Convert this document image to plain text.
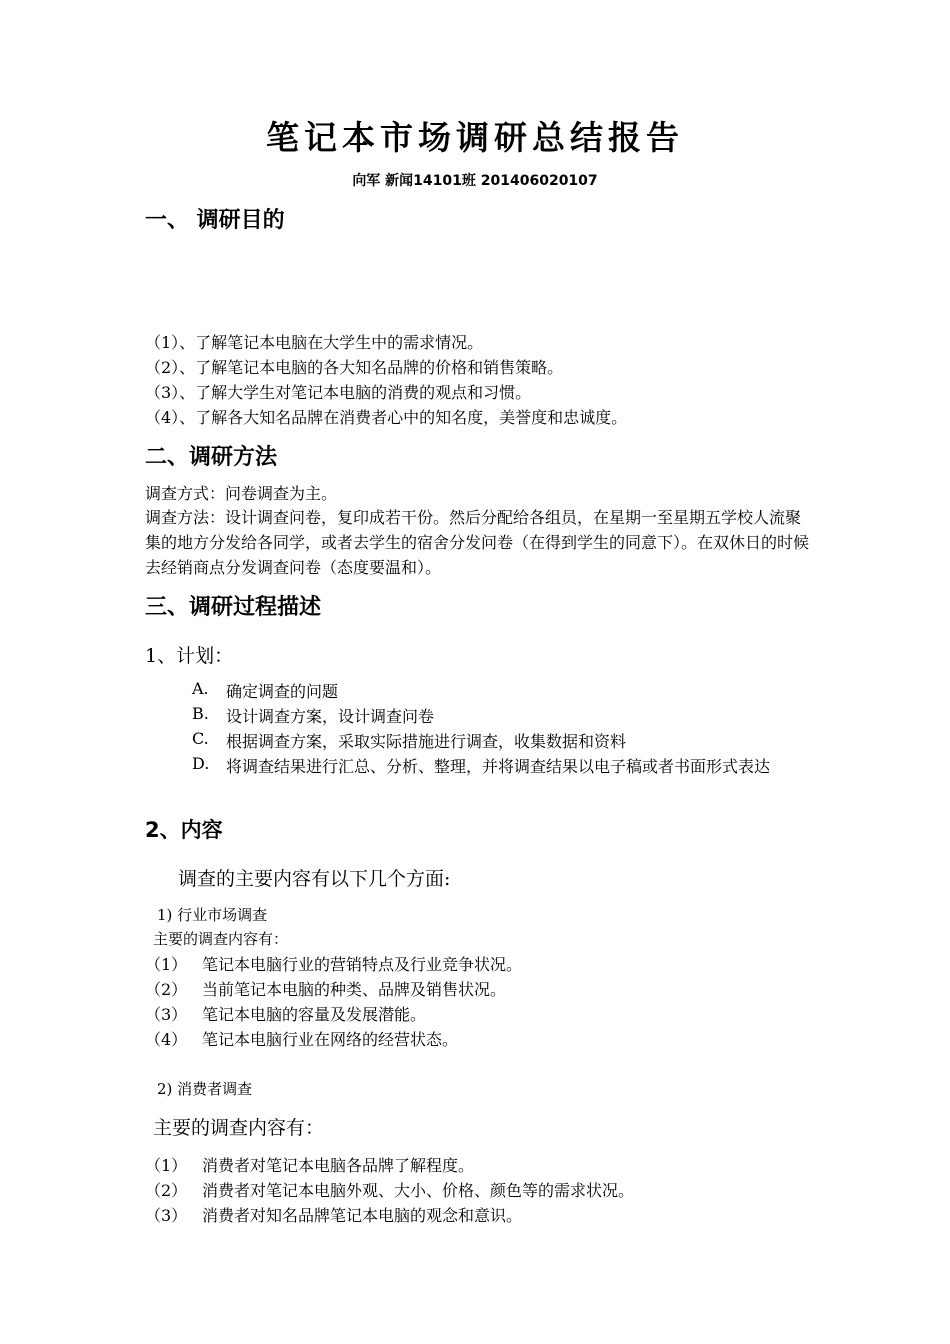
笔记本市场调研总结报告
向军 新闻14101班 201406020107
一、 调研目的
（1）、了解笔记本电脑在大学生中的需求情况。
（2）、了解笔记本电脑的各大知名品牌的价格和销售策略。
（3）、了解大学生对笔记本电脑的消费的观点和习惯。
（4）、了解各大知名品牌在消费者心中的知名度，美誉度和忠诚度。
二、调研方法
调查方式：问卷调查为主。
调查方法：设计调查问卷，复印成若干份。然后分配给各组员，在星期一至星期五学校人流聚集的地方分发给各同学，或者去学生的宿舍分发问卷（在得到学生的同意下）。在双休日的时候去经销商点分发调查问卷（态度要温和）。
三、调研过程描述
1、计划：
A. 确定调查的问题
B. 设计调查方案，设计调查问卷
C. 根据调查方案，采取实际措施进行调查，收集数据和资料
D. 将调查结果进行汇总、分析、整理，并将调查结果以电子稿或者书面形式表达
2、内容
调查的主要内容有以下几个方面:
1) 行业市场调查
主要的调查内容有：
（1） 笔记本电脑行业的营销特点及行业竞争状况。
（2） 当前笔记本电脑的种类、品牌及销售状况。
（3） 笔记本电脑的容量及发展潜能。
（4） 笔记本电脑行业在网络的经营状态。
2) 消费者调查
主要的调查内容有：
（1） 消费者对笔记本电脑各品牌了解程度。
（2） 消费者对笔记本电脑外观、大小、价格、颜色等的需求状况。
（3） 消费者对知名品牌笔记本电脑的观念和意识。
